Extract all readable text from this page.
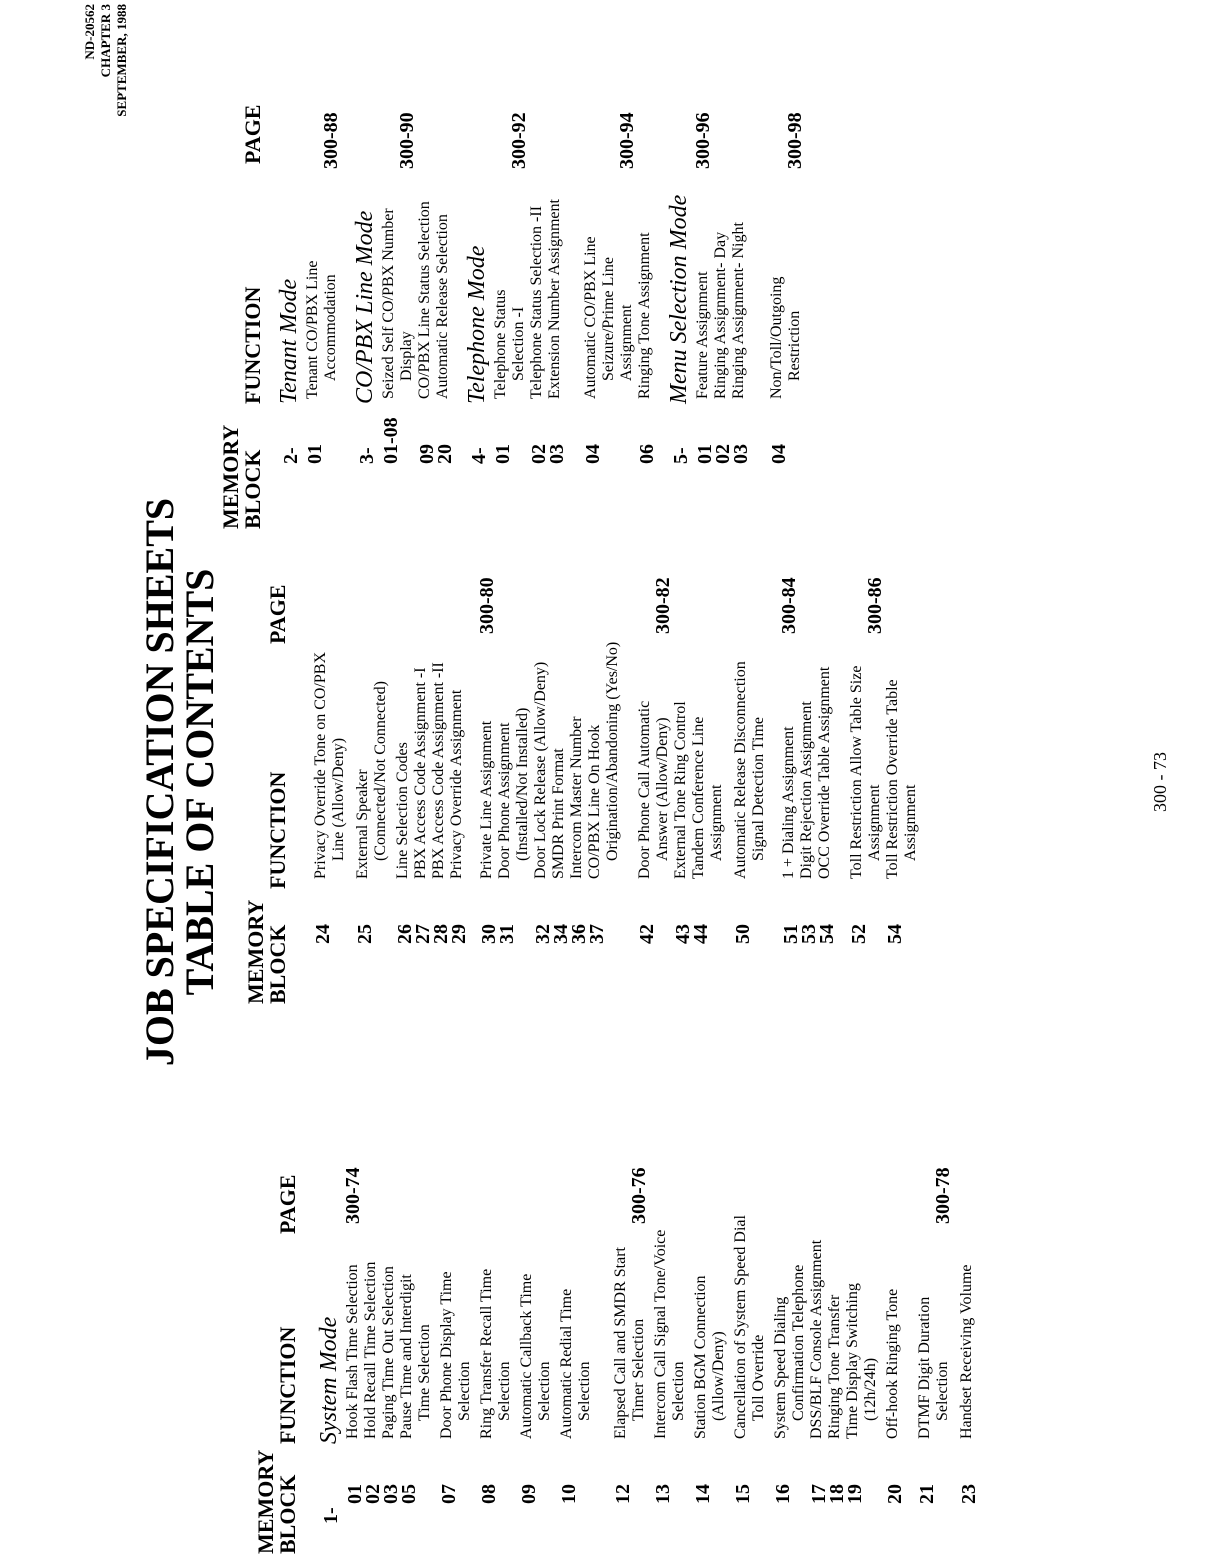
ND-20562 CHAPTER 3 SEPTEMBER, 1988
JOB SPECIFICATION SHEETS
TABLE OF CONTENTS
MEMORY
BLOCK
FUNCTION
PAGE
1-
System Mode
01
Hook Flash Time Selection
300-74
02
Hold Recall Time Selection
03
Paging Time Out Selection
05
Pause Time and Interdigit Time Selection
07
Door Phone Display Time Selection
08
Ring Transfer Recall Time Selection
09
Automatic Callback Time Selection
10
Automatic Redial Time Selection
12
Elapsed Call and SMDR Start Timer Selection
300-76
13
Intercom Call Signal Tone/Voice Selection
14
Station BGM Connection (Allow/Deny)
15
Cancellation of System Speed Dial Toll Override
16
System Speed Dialing Confirmation Telephone
17
DSS/BLF Console Assignment
18
Ringing Tone Transfer
19
Time Display Switching (12h/24h)
20
Off-hook Ringing Tone
21
DTMF Digit Duration Selection
300-78
23
Handset Receiving Volume
MEMORY
BLOCK
FUNCTION
PAGE
24
Privacy Override Tone on CO/PBX Line (Allow/Deny)
25
External Speaker (Connected/Not Connected)
26
Line Selection Codes
27
PBX Access Code Assignment -I
28
PBX Access Code Assignment -II
29
Privacy Override Assignment
30
Private Line Assignment
300-80
31
Door Phone Assignment (Installed/Not Installed)
32
Door Lock Release (Allow/Deny)
34
SMDR Print Format
36
Intercom Master Number
37
CO/PBX Line On Hook Origination/Abandoning (Yes/No)
42
Door Phone Call Automatic Answer (Allow/Deny)
300-82
43
External Tone Ring Control
44
Tandem Conference Line Assignment
50
Automatic Release Disconnection Signal Detection Time
51
1 + Dialing Assignment
300-84
53
Digit Rejection Assignment
54
OCC Override Table Assignment
52
Toll Restriction Allow Table Size Assignment
300-86
54
Toll Restriction Override Table Assignment
MEMORY
BLOCK
FUNCTION
PAGE
2-
Tenant Mode
01
Tenant CO/PBX Line Accommodation
300-88
3-
CO/PBX Line Mode
01-08
Seized Self CO/PBX Number Display
300-90
09
CO/PBX Line Status Selection
20
Automatic Release Selection
4-
Telephone Mode
01
Telephone Status Selection -I
300-92
02
Telephone Status Selection -II
03
Extension Number Assignment
04
Automatic CO/PBX Line Seizure/Prime Line Assignment
300-94
06
Ringing Tone Assignment
5-
Menu Selection Mode
01
Feature Assignment
300-96
02
Ringing Assignment- Day
03
Ringing Assignment- Night
04
Non/Toll/Outgoing Restriction
300-98
300 - 73
